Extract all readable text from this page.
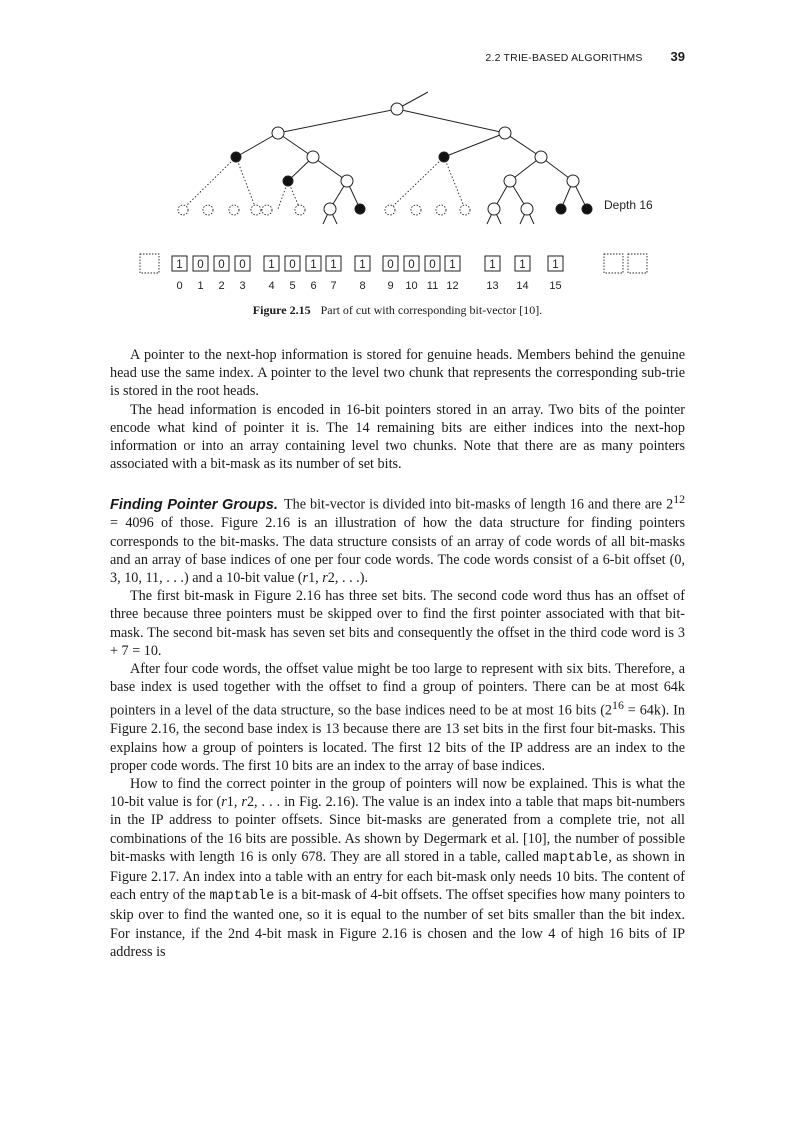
2.2 TRIE-BASED ALGORITHMS 39
Depth 16
1
0
0
1
0
2
0
3
1
4
0
5
1
6
1
7
1
8
0
9
0
10
0
11
1
12
1
13
1
14
1
15
Figure 2.15 Part of cut with corresponding bit-vector [10].

A pointer to the next-hop information is stored for genuine heads. Members behind the genuine head use the same index. A pointer to the level two chunk that represents the corresponding sub-trie is stored in the root heads.

The head information is encoded in 16-bit pointers stored in an array. Two bits of the pointer encode what kind of pointer it is. The 14 remaining bits are either indices into the next-hop information or into an array containing level two chunks. Note that there are as many pointers associated with a bit-mask as its number of set bits.

Finding Pointer Groups. The bit-vector is divided into bit-masks of length 16 and there are $2^{12} = 4096$ of those. Figure 2.16 is an illustration of how the data structure for finding pointers corresponds to the bit-masks. The data structure consists of an array of code words of all bit-masks and an array of base indices of one per four code words. The code words consist of a 6-bit offset (0, 3, 10, 11, . . .) and a 10-bit value (r1, r2, . . .).

The first bit-mask in Figure 2.16 has three set bits. The second code word thus has an offset of three because three pointers must be skipped over to find the first pointer associated with that bit-mask. The second bit-mask has seven set bits and consequently the offset in the third code word is 3 + 7 = 10.

After four code words, the offset value might be too large to represent with six bits. Therefore, a base index is used together with the offset to find a group of pointers. There can be at most 64k pointers in a level of the data structure, so the base indices need to be at most 16 bits $(2^{16} = 64k)$. In Figure 2.16, the second base index is 13 because there are 13 set bits in the first four bit-masks. This explains how a group of pointers is located. The first 12 bits of the IP address are an index to the proper code words. The first 10 bits are an index to the array of base indices.

How to find the correct pointer in the group of pointers will now be explained. This is what the 10-bit value is for (r1, r2, . . . in Fig. 2.16). The value is an index into a table that maps bit-numbers in the IP address to pointer offsets. Since bit-masks are generated from a complete trie, not all combinations of the 16 bits are possible. As shown by Degermark et al. [10], the number of possible bit-masks with length 16 is only 678. They are all stored in a table, called maptable, as shown in Figure 2.17. An index into a table with an entry for each bit-mask only needs 10 bits. The content of each entry of the maptable is a bit-mask of 4-bit offsets. The offset specifies how many pointers to skip over to find the wanted one, so it is equal to the number of set bits smaller than the bit index. For instance, if the 2nd 4-bit mask in Figure 2.16 is chosen and the low 4 of high 16 bits of IP address is
